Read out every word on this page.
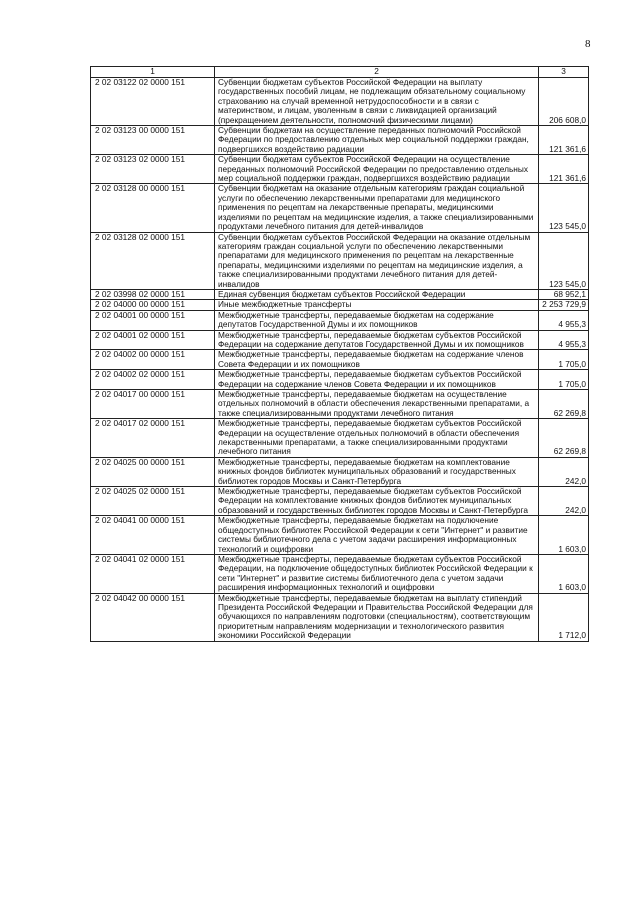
8
1	2	3
2 02 03122 02 0000 151	Субвенции бюджетам субъектов Российской Федерации на выплату государственных пособий лицам, не подлежащим обязательному социальному страхованию на случай временной нетрудоспособности и в связи с материнством, и лицам, уволенным в связи с ликвидацией организаций (прекращением деятельности, полномочий физическими лицами)	206 608,0
2 02 03123 00 0000 151	Субвенции бюджетам на осуществление переданных полномочий Российской Федерации по предоставлению отдельных мер социальной поддержки граждан, подвергшихся воздействию радиации	121 361,6
2 02 03123 02 0000 151	Субвенции бюджетам субъектов Российской Федерации на осуществление переданных полномочий Российской Федерации по предоставлению отдельных мер социальной поддержки граждан, подвергшихся воздействию радиации	121 361,6
2 02 03128 00 0000 151	Субвенции бюджетам на оказание отдельным категориям граждан социальной услуги по обеспечению лекарственными препаратами для медицинского применения по рецептам на лекарственные препараты, медицинскими изделиями по рецептам на медицинские изделия, а также специализированными продуктами лечебного питания для детей-инвалидов	123 545,0
2 02 03128 02 0000 151	Субвенции бюджетам субъектов Российской Федерации на оказание отдельным категориям граждан социальной услуги по обеспечению лекарственными препаратами для медицинского применения по рецептам на лекарственные препараты, медицинскими изделиями по рецептам на медицинские изделия, а также специализированными продуктами лечебного питания для детей-инвалидов	123 545,0
2 02 03998 02 0000 151	Единая субвенция бюджетам субъектов Российской Федерации	68 952,1
2 02 04000 00 0000 151	Иные межбюджетные трансферты	2 253 729,9
2 02 04001 00 0000 151	Межбюджетные трансферты, передаваемые бюджетам на содержание депутатов Государственной Думы и их помощников	4 955,3
2 02 04001 02 0000 151	Межбюджетные трансферты, передаваемые бюджетам субъектов Российской Федерации на содержание депутатов Государственной Думы и их помощников	4 955,3
2 02 04002 00 0000 151	Межбюджетные трансферты, передаваемые бюджетам на содержание членов Совета Федерации и их помощников	1 705,0
2 02 04002 02 0000 151	Межбюджетные трансферты, передаваемые бюджетам субъектов Российской Федерации на содержание членов Совета Федерации и их помощников	1 705,0
2 02 04017 00 0000 151	Межбюджетные трансферты, передаваемые бюджетам на осуществление отдельных полномочий в области обеспечения лекарственными препаратами, а также специализированными продуктами лечебного питания	62 269,8
2 02 04017 02 0000 151	Межбюджетные трансферты, передаваемые бюджетам субъектов Российской Федерации на осуществление отдельных полномочий в области обеспечения лекарственными препаратами, а также специализированными продуктами лечебного питания	62 269,8
2 02 04025 00 0000 151	Межбюджетные трансферты, передаваемые бюджетам на комплектование книжных фондов библиотек муниципальных образований и государственных библиотек городов Москвы и Санкт-Петербурга	242,0
2 02 04025 02 0000 151	Межбюджетные трансферты, передаваемые бюджетам субъектов Российской Федерации на комплектование книжных фондов библиотек муниципальных образований и государственных библиотек городов Москвы и Санкт-Петербурга	242,0
2 02 04041 00 0000 151	Межбюджетные трансферты, передаваемые бюджетам на подключение общедоступных библиотек Российской Федерации к сети "Интернет" и развитие системы библиотечного дела с учетом задачи расширения информационных технологий и оцифровки	1 603,0
2 02 04041 02 0000 151	Межбюджетные трансферты, передаваемые бюджетам субъектов Российской Федерации, на подключение общедоступных библиотек Российской Федерации к сети "Интернет" и развитие системы библиотечного дела с учетом задачи расширения информационных технологий и оцифровки	1 603,0
2 02 04042 00 0000 151	Межбюджетные трансферты, передаваемые бюджетам на выплату стипендий Президента Российской Федерации и Правительства Российской Федерации для обучающихся по направлениям подготовки (специальностям), соответствующим приоритетным направлениям модернизации и технологического развития экономики Российской Федерации	1 712,0
